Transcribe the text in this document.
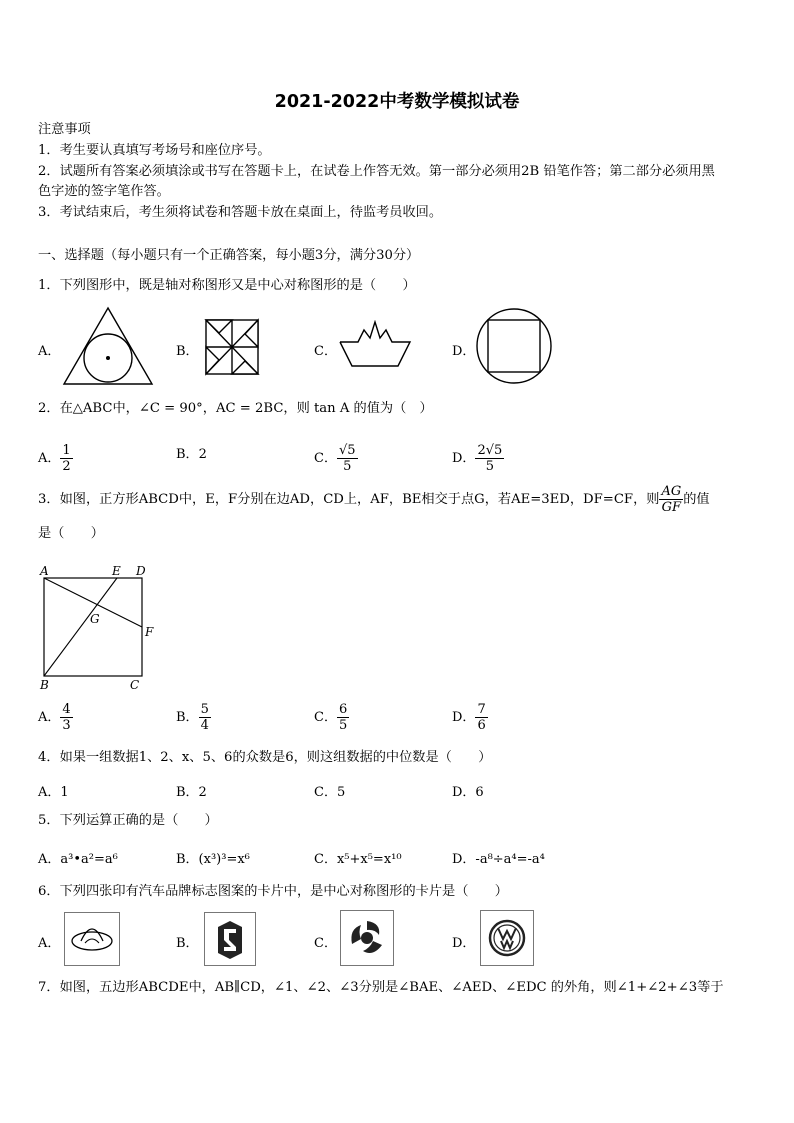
2021-2022中考数学模拟试卷
注意事项
1．考生要认真填写考场号和座位序号。
2．试题所有答案必须填涂或书写在答题卡上，在试卷上作答无效。第一部分必须用2B 铅笔作答；第二部分必须用黑
色字迹的签字笔作答。
3．考试结束后，考生须将试卷和答题卡放在桌面上，待监考员收回。
一、选择题（每小题只有一个正确答案，每小题3分，满分30分）
1．下列图形中，既是轴对称图形又是中心对称图形的是（　　）
A．	B．	C．	D．
2．在△ABC中，∠C = 90°，AC = 2BC，则 tan A 的值为（　）
A． $\frac{1}{2}$	B．2	C． $\frac{√5}{5}$	D． $\frac{2√5}{5}$
3．如图，正方形ABCD中，E，F分别在边AD，CD上，AF，BE相交于点G，若AE=3ED，DF=CF，则 $\frac{AG}{GF}$ 的值
是（　　）
A	E D
G
F
B	C
A． $\frac{4}{3}$	B． $\frac{5}{4}$	C． $\frac{6}{5}$	D． $\frac{7}{6}$
4．如果一组数据1、2、x、5、6的众数是6，则这组数据的中位数是（　　）
A．1	B．2	C．5	D．6
5．下列运算正确的是（　　）
A．a³•a²=a⁶	B．(x³)³=x⁶	C．x⁵+x⁵=x¹⁰	D．-a⁸÷a⁴=-a⁴
6．下列四张印有汽车品牌标志图案的卡片中，是中心对称图形的卡片是（　　）
A．	B．	C．	D．
7．如图，五边形ABCDE中，AB∥CD，∠1、∠2、∠3分别是∠BAE、∠AED、∠EDC 的外角，则∠1+∠2+∠3等于
